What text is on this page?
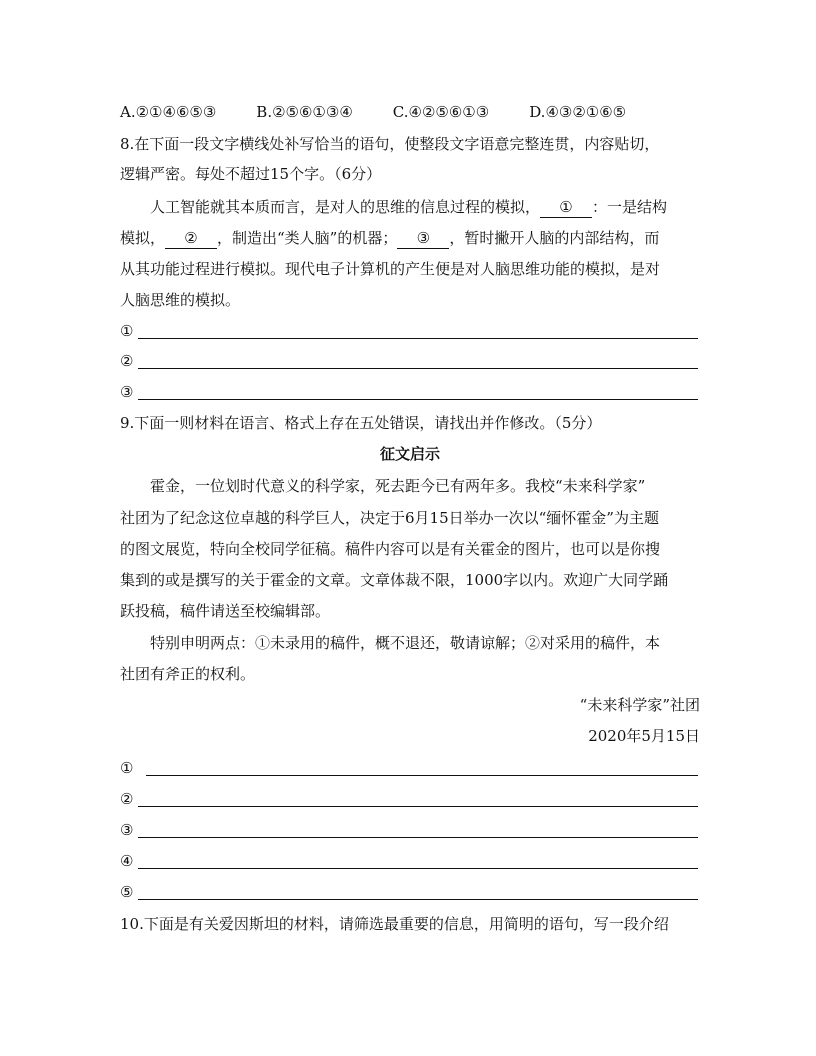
A.②①④⑥⑤③	B.②⑤⑥①③④	C.④②⑤⑥①③	D.④③②①⑥⑤
8.在下面一段文字横线处补写恰当的语句，使整段文字语意完整连贯，内容贴切，
逻辑严密。每处不超过15个字。（6分）
人工智能就其本质而言，是对人的思维的信息过程的模拟， ① ：一是结构
模拟， ② ，制造出“类人脑”的机器； ③ ，暂时撇开人脑的内部结构，而
从其功能过程进行模拟。现代电子计算机的产生便是对人脑思维功能的模拟，是对
人脑思维的模拟。
①
②
③
9.下面一则材料在语言、格式上存在五处错误，请找出并作修改。（5分）
征文启示
霍金，一位划时代意义的科学家，死去距今已有两年多。我校“未来科学家”
社团为了纪念这位卓越的科学巨人，决定于6月15日举办一次以“缅怀霍金”为主题
的图文展览，特向全校同学征稿。稿件内容可以是有关霍金的图片，也可以是你搜
集到的或是撰写的关于霍金的文章。文章体裁不限，1000字以内。欢迎广大同学踊
跃投稿，稿件请送至校编辑部。
特别申明两点：①未录用的稿件，概不退还，敬请谅解；②对采用的稿件，本
社团有斧正的权利。
“未来科学家”社团
2020年5月15日
①
②
③
④
⑤
10.下面是有关爱因斯坦的材料，请筛选最重要的信息，用简明的语句，写一段介绍
